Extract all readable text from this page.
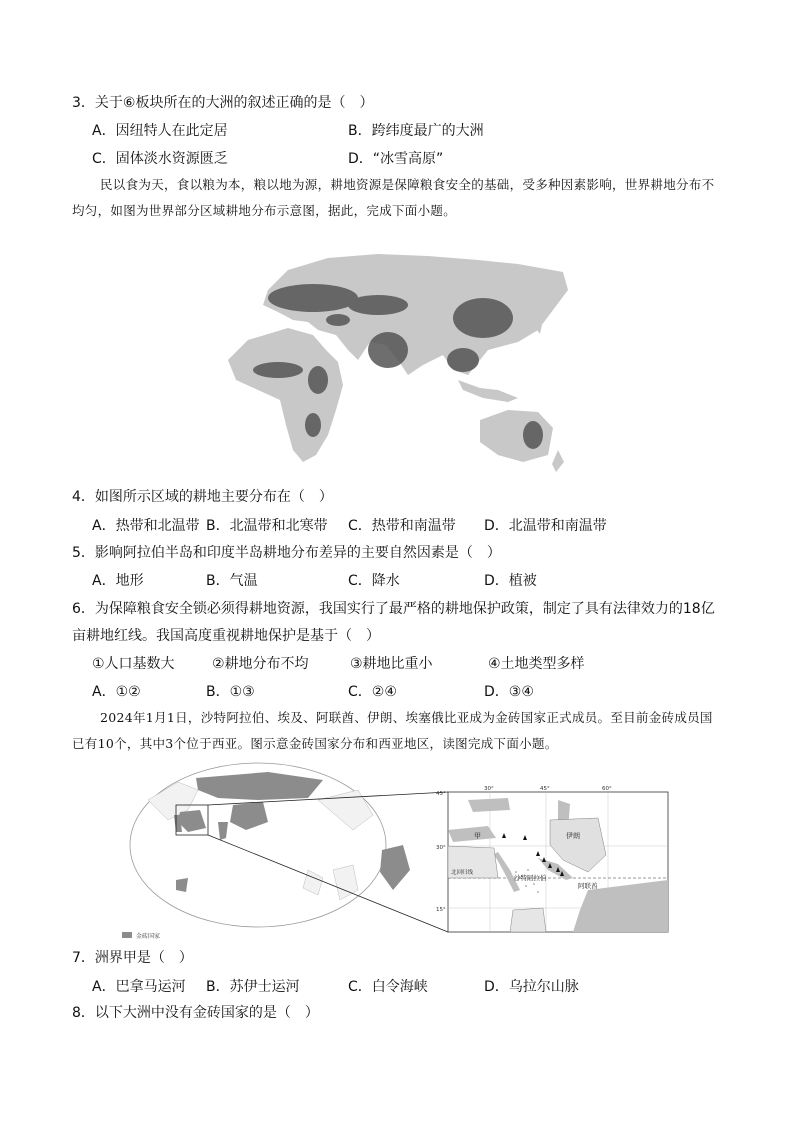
3．关于⑥板块所在的大洲的叙述正确的是（　）
A．因纽特人在此定居	B．跨纬度最广的大洲
C．固体淡水资源匮乏	D．“冰雪高原”
民以食为天，食以粮为本，粮以地为源，耕地资源是保障粮食安全的基础，受多种因素影响，世界耕地分布不均匀，如图为世界部分区域耕地分布示意图，据此，完成下面小题。
4．如图所示区域的耕地主要分布在（　）
A．热带和北温带 B．北温带和北寒带 C．热带和南温带 D．北温带和南温带
5．影响阿拉伯半岛和印度半岛耕地分布差异的主要自然因素是（　）
A．地形	B．气温	C．降水	D．植被
6．为保障粮食安全锁必须得耕地资源，我国实行了最严格的耕地保护政策，制定了具有法律效力的18亿
亩耕地红线。我国高度重视耕地保护是基于（　）
①人口基数大	②耕地分布不均	③耕地比重小	④土地类型多样
A．①②	B．①③	C．②④	D．③④
2024年1月1日，沙特阿拉伯、埃及、阿联酋、伊朗、埃塞俄比亚成为金砖国家正式成员。至目前金砖成员国已有10个，其中3个位于西亚。图示意金砖国家分布和西亚地区，读图完成下面小题。
金砖国家
45°
30°
15°
30°	45°	60°
甲	伊朗
北回归线
沙特阿拉伯
阿联酋
7．洲界甲是（　）
A．巴拿马运河 B．苏伊士运河	C．白令海峡	D．乌拉尔山脉
8．以下大洲中没有金砖国家的是（　）
